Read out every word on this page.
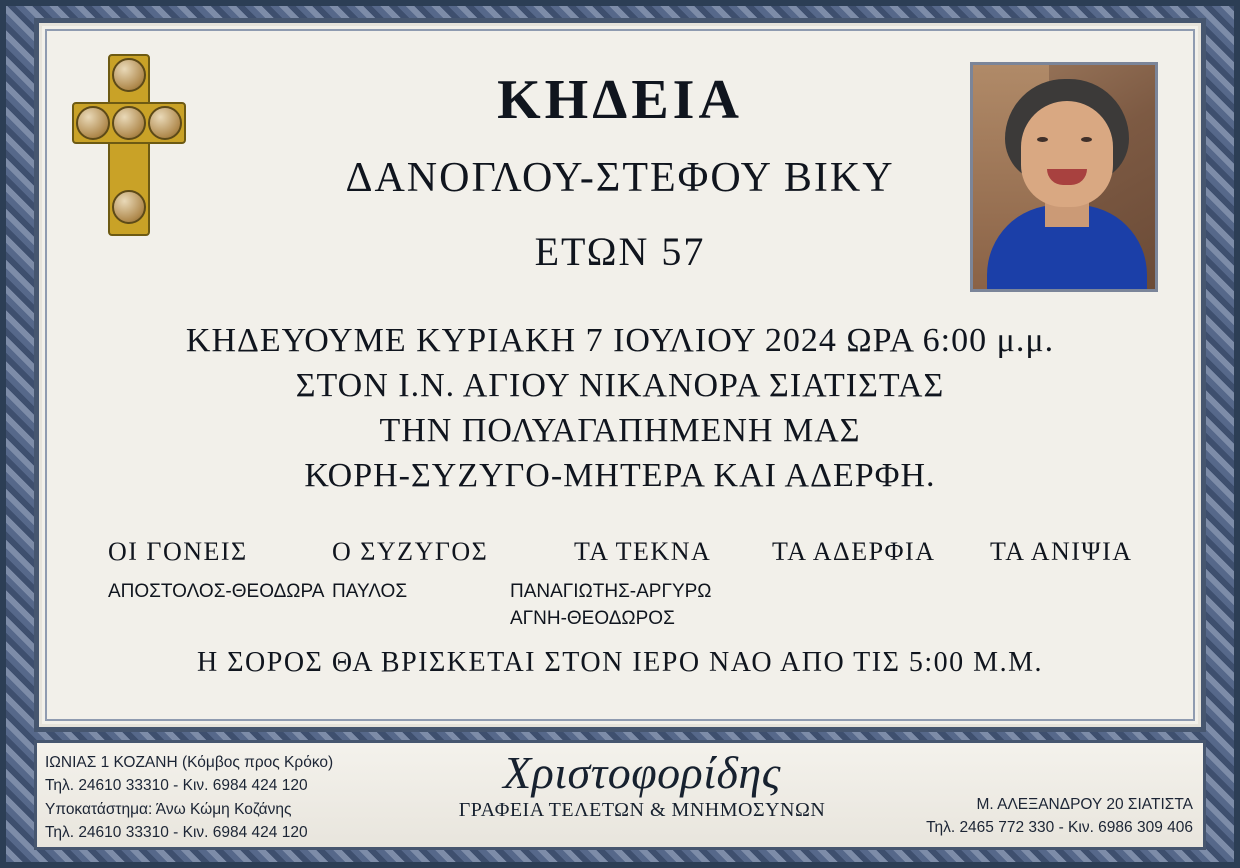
ΚΗΔΕΙΑ
ΔΑΝΟΓΛΟΥ-ΣΤΕΦΟΥ ΒΙΚΥ
ΕΤΩΝ 57
ΚΗΔΕΥΟΥΜΕ ΚΥΡΙΑΚΗ 7 ΙΟΥΛΙΟΥ 2024 ΩΡΑ 6:00 μ.μ.
ΣΤΟΝ Ι.Ν. ΑΓΙΟΥ ΝΙΚΑΝΟΡΑ ΣΙΑΤΙΣΤΑΣ
ΤΗΝ ΠΟΛΥΑΓΑΠΗΜΕΝΗ ΜΑΣ
ΚΟΡΗ-ΣΥΖΥΓΟ-ΜΗΤΕΡΑ ΚΑΙ ΑΔΕΡΦΗ.
ΟΙ ΓΟΝΕΙΣ
ΑΠΟΣΤΟΛΟΣ-ΘΕΟΔΩΡΑ
Ο ΣΥΖΥΓΟΣ
ΠΑΥΛΟΣ
ΤΑ ΤΕΚΝΑ
ΠΑΝΑΓΙΩΤΗΣ-ΑΡΓΥΡΩ
ΑΓΝΗ-ΘΕΟΔΩΡΟΣ
ΤΑ ΑΔΕΡΦΙΑ ΤΑ ΑΝΙΨΙΑ
Η ΣΟΡΟΣ ΘΑ ΒΡΙΣΚΕΤΑΙ ΣΤΟΝ ΙΕΡΟ ΝΑΟ ΑΠΟ ΤΙΣ 5:00 Μ.Μ.
ΙΩΝΙΑΣ 1 ΚΟΖΑΝΗ (Κόμβος προς Κρόκο)
Τηλ. 24610 33310 - Κιν. 6984 424 120
Υποκατάστημα: Άνω Κώμη Κοζάνης
Τηλ. 24610 33310 - Κιν. 6984 424 120
Χριστοφορίδης
ΓΡΑΦΕΙΑ ΤΕΛΕΤΩΝ & ΜΝΗΜΟΣΥΝΩΝ	Μ. ΑΛΕΞΑΝΔΡΟΥ 20 ΣΙΑΤΙΣΤΑ
Τηλ. 2465 772 330 - Κιν. 6986 309 406
